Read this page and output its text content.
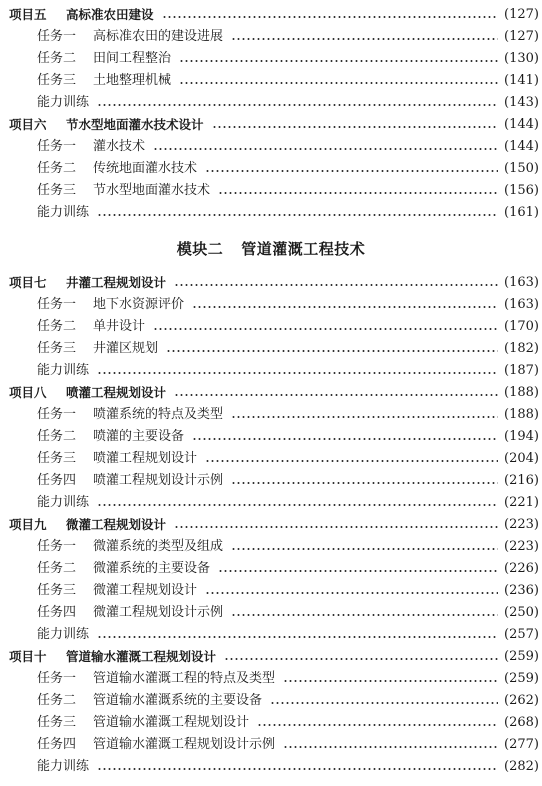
项目五	高标准农田建设	(127)
任务一	高标准农田的建设进展	(127)
任务二	田间工程整治	(130)
任务三	土地整理机械	(141)
能力训练	(143)
项目六	节水型地面灌水技术设计	(144)
任务一	灌水技术	(144)
任务二	传统地面灌水技术	(150)
任务三	节水型地面灌水技术	(156)
能力训练	(161)
模块二 管道灌溉工程技术
项目七	井灌工程规划设计	(163)
任务一	地下水资源评价	(163)
任务二	单井设计	(170)
任务三	井灌区规划	(182)
能力训练	(187)
项目八	喷灌工程规划设计	(188)
任务一	喷灌系统的特点及类型	(188)
任务二	喷灌的主要设备	(194)
任务三	喷灌工程规划设计	(204)
任务四	喷灌工程规划设计示例	(216)
能力训练	(221)
项目九	微灌工程规划设计	(223)
任务一	微灌系统的类型及组成	(223)
任务二	微灌系统的主要设备	(226)
任务三	微灌工程规划设计	(236)
任务四	微灌工程规划设计示例	(250)
能力训练	(257)
项目十	管道输水灌溉工程规划设计	(259)
任务一	管道输水灌溉工程的特点及类型	(259)
任务二	管道输水灌溉系统的主要设备	(262)
任务三	管道输水灌溉工程规划设计	(268)
任务四	管道输水灌溉工程规划设计示例	(277)
能力训练	(282)
